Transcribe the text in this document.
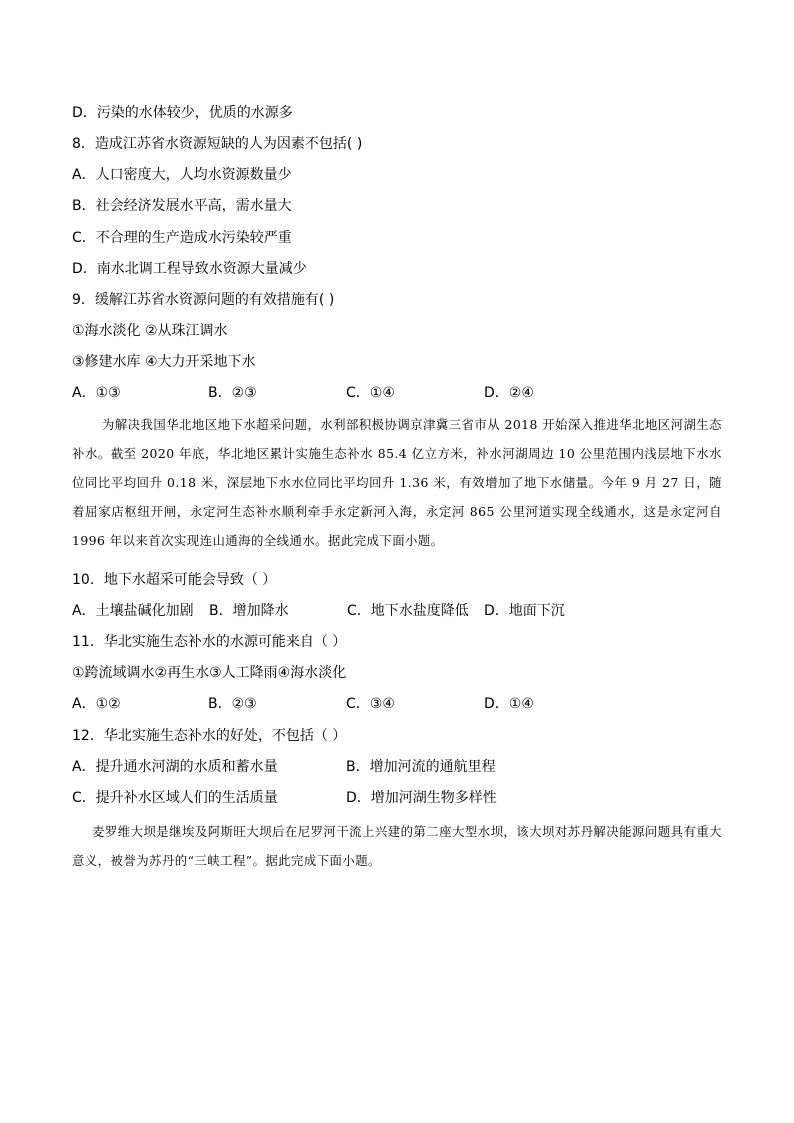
D．污染的水体较少，优质的水源多
8．造成江苏省水资源短缺的人为因素不包括( )
A．人口密度大，人均水资源数量少
B．社会经济发展水平高，需水量大
C．不合理的生产造成水污染较严重
D．南水北调工程导致水资源大量减少
9．缓解江苏省水资源问题的有效措施有( )
①海水淡化 ②从珠江调水
③修建水库 ④大力开采地下水
A．①③	B．②③	C．①④	D．②④
为解决我国华北地区地下水超采问题，水利部积极协调京津冀三省市从 2018 开始深入推进华北地区河湖生态补水。截至 2020 年底，华北地区累计实施生态补水 85.4 亿立方米，补水河湖周边 10 公里范围内浅层地下水水位同比平均回升 0.18 米，深层地下水水位同比平均回升 1.36 米，有效增加了地下水储量。今年 9 月 27 日，随着屈家店枢纽开闸，永定河生态补水顺利牵手永定新河入海，永定河 865 公里河道实现全线通水，这是永定河自 1996 年以来首次实现连山通海的全线通水。据此完成下面小题。
10．地下水超采可能会导致（ ）
A．土壤盐碱化加剧 B．增加降水	C．地下水盐度降低 D．地面下沉
11．华北实施生态补水的水源可能来自（ ）
①跨流域调水②再生水③人工降雨④海水淡化
A．①②	B．②③	C．③④	D．①④
12．华北实施生态补水的好处，不包括（ ）
A．提升通水河湖的水质和蓄水量	B．增加河流的通航里程
C．提升补水区域人们的生活质量	D．增加河湖生物多样性
麦罗维大坝是继埃及阿斯旺大坝后在尼罗河干流上兴建的第二座大型水坝，该大坝对苏丹解决能源问题具有重大意义，被誉为苏丹的“三峡工程”。据此完成下面小题。
